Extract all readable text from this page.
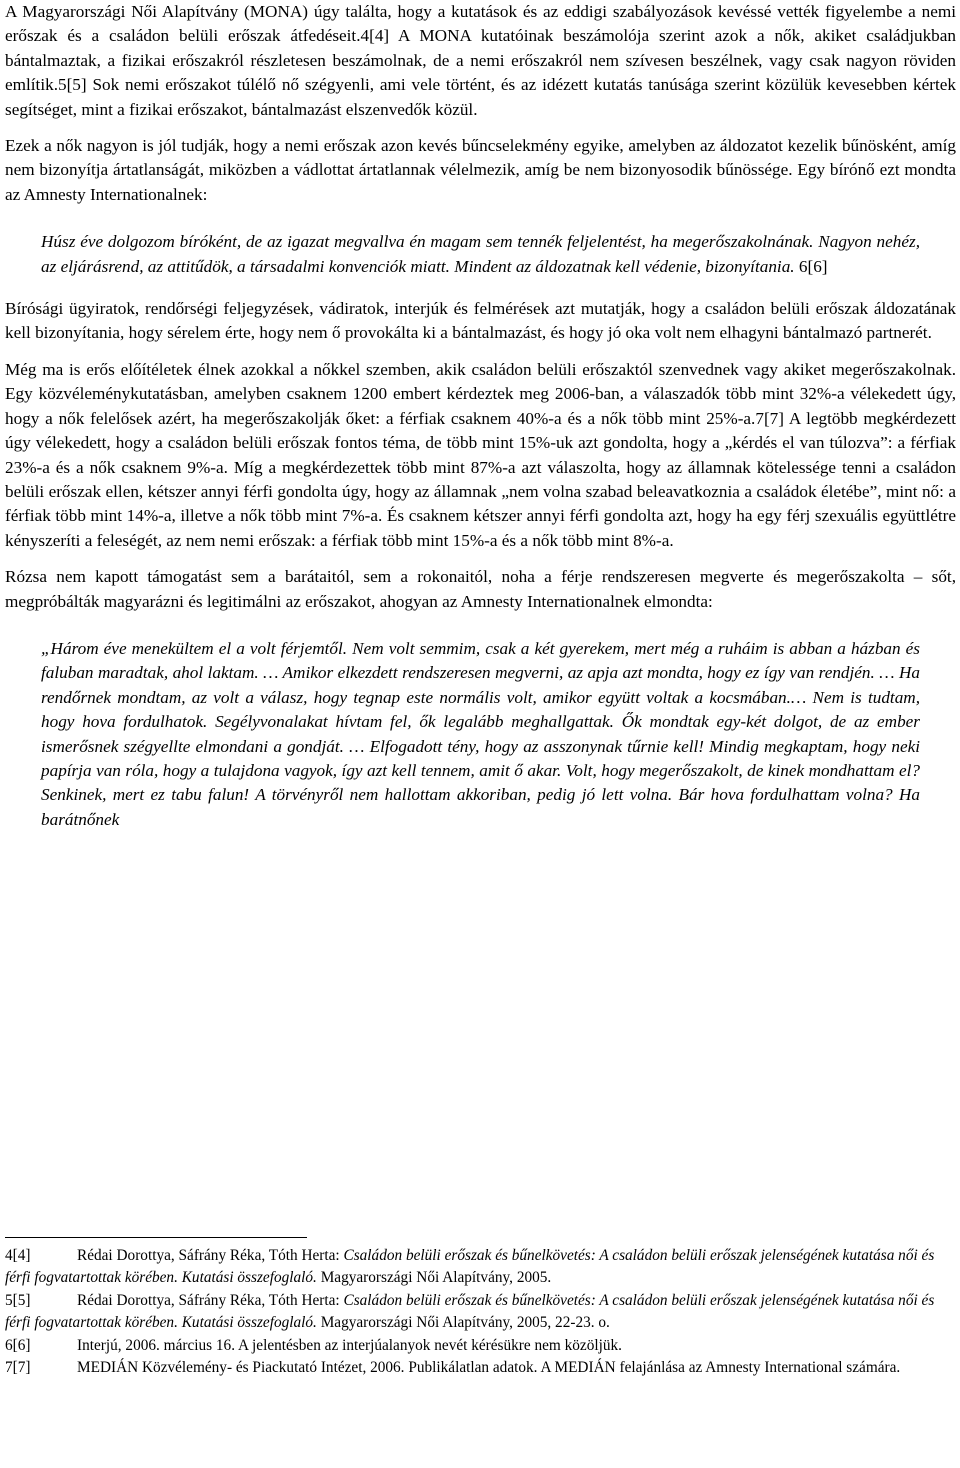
A Magyarországi Női Alapítvány (MONA) úgy találta, hogy a kutatások és az eddigi szabályozások kevéssé vették figyelembe a nemi erőszak és a családon belüli erőszak átfedéseit.4[4] A MONA kutatóinak beszámolója szerint azok a nők, akiket családjukban bántalmaztak, a fizikai erőszakról részletesen beszámolnak, de a nemi erőszakról nem szívesen beszélnek, vagy csak nagyon röviden említik.5[5] Sok nemi erőszakot túlélő nő szégyenli, ami vele történt, és az idézett kutatás tanúsága szerint közülük kevesebben kértek segítséget, mint a fizikai erőszakot, bántalmazást elszenvedők közül.

Ezek a nők nagyon is jól tudják, hogy a nemi erőszak azon kevés bűncselekmény egyike, amelyben az áldozatot kezelik bűnösként, amíg nem bizonyítja ártatlanságát, miközben a vádlottat ártatlannak vélelmezik, amíg be nem bizonyosodik bűnössége. Egy bírónő ezt mondta az Amnesty Internationalnek:

Húsz éve dolgozom bíróként, de az igazat megvallva én magam sem tennék feljelentést, ha megerőszakolnának. Nagyon nehéz, az eljárásrend, az attitűdök, a társadalmi konvenciók miatt. Mindent az áldozatnak kell védenie, bizonyítania. 6[6]

Bírósági ügyiratok, rendőrségi feljegyzések, vádiratok, interjúk és felmérések azt mutatják, hogy a családon belüli erőszak áldozatának kell bizonyítania, hogy sérelem érte, hogy nem ő provokálta ki a bántalmazást, és hogy jó oka volt nem elhagyni bántalmazó partnerét.

Még ma is erős előítéletek élnek azokkal a nőkkel szemben, akik családon belüli erőszaktól szenvednek vagy akiket megerőszakolnak. Egy közvéleménykutatásban, amelyben csaknem 1200 embert kérdeztek meg 2006-ban, a válaszadók több mint 32%-a vélekedett úgy, hogy a nők felelősek azért, ha megerőszakolják őket: a férfiak csaknem 40%-a és a nők több mint 25%-a.7[7] A legtöbb megkérdezett úgy vélekedett, hogy a családon belüli erőszak fontos téma, de több mint 15%-uk azt gondolta, hogy a „kérdés el van túlozva”: a férfiak 23%-a és a nők csaknem 9%-a. Míg a megkérdezettek több mint 87%-a azt válaszolta, hogy az államnak kötelessége tenni a családon belüli erőszak ellen, kétszer annyi férfi gondolta úgy, hogy az államnak „nem volna szabad beleavatkoznia a családok életébe”, mint nő: a férfiak több mint 14%-a, illetve a nők több mint 7%-a. És csaknem kétszer annyi férfi gondolta azt, hogy ha egy férj szexuális együttlétre kényszeríti a feleségét, az nem nemi erőszak: a férfiak több mint 15%-a és a nők több mint 8%-a.

Rózsa nem kapott támogatást sem a barátaitól, sem a rokonaitól, noha a férje rendszeresen megverte és megerőszakolta – sőt, megpróbálták magyarázni és legitimálni az erőszakot, ahogyan az Amnesty Internationalnek elmondta:

„Három éve menekültem el a volt férjemtől. Nem volt semmim, csak a két gyerekem, mert még a ruháim is abban a házban és faluban maradtak, ahol laktam. … Amikor elkezdett rendszeresen megverni, az apja azt mondta, hogy ez így van rendjén. … Ha rendőrnek mondtam, az volt a válasz, hogy tegnap este normális volt, amikor együtt voltak a kocsmában.… Nem is tudtam, hogy hova fordulhatok. Segélyvonalakat hívtam fel, ők legalább meghallgattak. Ők mondtak egy-két dolgot, de az ember ismerősnek szégyellte elmondani a gondját. … Elfogadott tény, hogy az asszonynak tűrnie kell! Mindig megkaptam, hogy neki papírja van róla, hogy a tulajdona vagyok, így azt kell tennem, amit ő akar. Volt, hogy megerőszakolt, de kinek mondhattam el? Senkinek, mert ez tabu falun! A törvényről nem hallottam akkoriban, pedig jó lett volna. Bár hova fordulhattam volna? Ha barátnőnek

4[4]	Rédai Dorottya, Sáfrány Réka, Tóth Herta: Családon belüli erőszak és bűnelkövetés: A családon belüli erőszak jelenségének kutatása női és férfi fogvatartottak körében. Kutatási összefoglaló. Magyarországi Női Alapítvány, 2005.

5[5]	Rédai Dorottya, Sáfrány Réka, Tóth Herta: Családon belüli erőszak és bűnelkövetés: A családon belüli erőszak jelenségének kutatása női és férfi fogvatartottak körében. Kutatási összefoglaló. Magyarországi Női Alapítvány, 2005, 22-23. o.

6[6]	Interjú, 2006. március 16. A jelentésben az interjúalanyok nevét kérésükre nem közöljük.

7[7]	MEDIÁN Közvélemény- és Piackutató Intézet, 2006. Publikálatlan adatok. A MEDIÁN felajánlása az Amnesty International számára.
